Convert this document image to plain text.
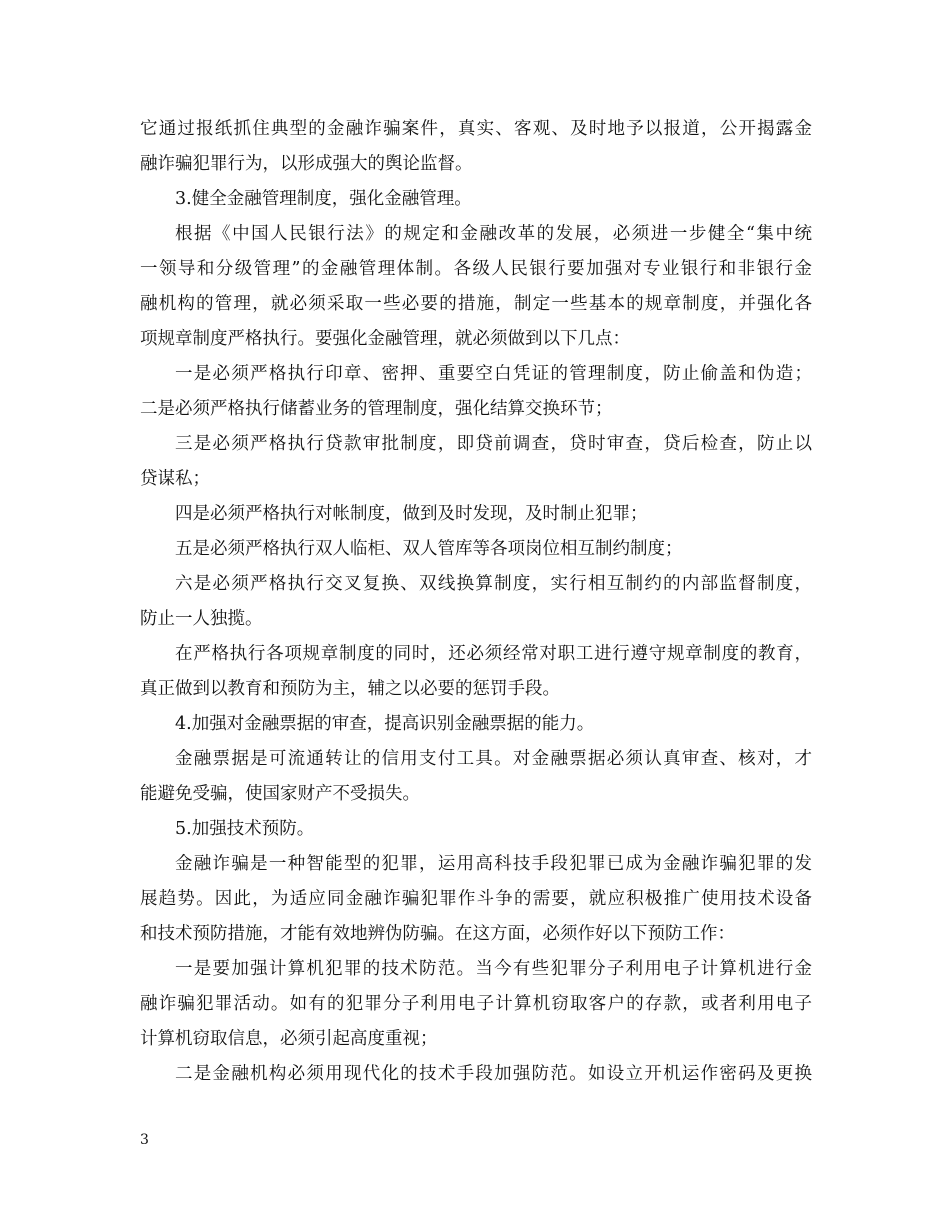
它通过报纸抓住典型的金融诈骗案件，真实、客观、及时地予以报道，公开揭露金
融诈骗犯罪行为，以形成强大的舆论监督。
3.健全金融管理制度，强化金融管理。
根据《中国人民银行法》的规定和金融改革的发展，必须进一步健全“集中统
一领导和分级管理”的金融管理体制。各级人民银行要加强对专业银行和非银行金
融机构的管理，就必须采取一些必要的措施，制定一些基本的规章制度，并强化各
项规章制度严格执行。要强化金融管理，就必须做到以下几点：
一是必须严格执行印章、密押、重要空白凭证的管理制度，防止偷盖和伪造；
二是必须严格执行储蓄业务的管理制度，强化结算交换环节；
三是必须严格执行贷款审批制度，即贷前调查，贷时审查，贷后检查，防止以
贷谋私；
四是必须严格执行对帐制度，做到及时发现，及时制止犯罪；
五是必须严格执行双人临柜、双人管库等各项岗位相互制约制度；
六是必须严格执行交叉复换、双线换算制度，实行相互制约的内部监督制度，
防止一人独揽。
在严格执行各项规章制度的同时，还必须经常对职工进行遵守规章制度的教育，
真正做到以教育和预防为主，辅之以必要的惩罚手段。
4.加强对金融票据的审查，提高识别金融票据的能力。
金融票据是可流通转让的信用支付工具。对金融票据必须认真审查、核对，才
能避免受骗，使国家财产不受损失。
5.加强技术预防。
金融诈骗是一种智能型的犯罪，运用高科技手段犯罪已成为金融诈骗犯罪的发
展趋势。因此，为适应同金融诈骗犯罪作斗争的需要，就应积极推广使用技术设备
和技术预防措施，才能有效地辨伪防骗。在这方面，必须作好以下预防工作：
一是要加强计算机犯罪的技术防范。当今有些犯罪分子利用电子计算机进行金
融诈骗犯罪活动。如有的犯罪分子利用电子计算机窃取客户的存款，或者利用电子
计算机窃取信息，必须引起高度重视；
二是金融机构必须用现代化的技术手段加强防范。如设立开机运作密码及更换
3
